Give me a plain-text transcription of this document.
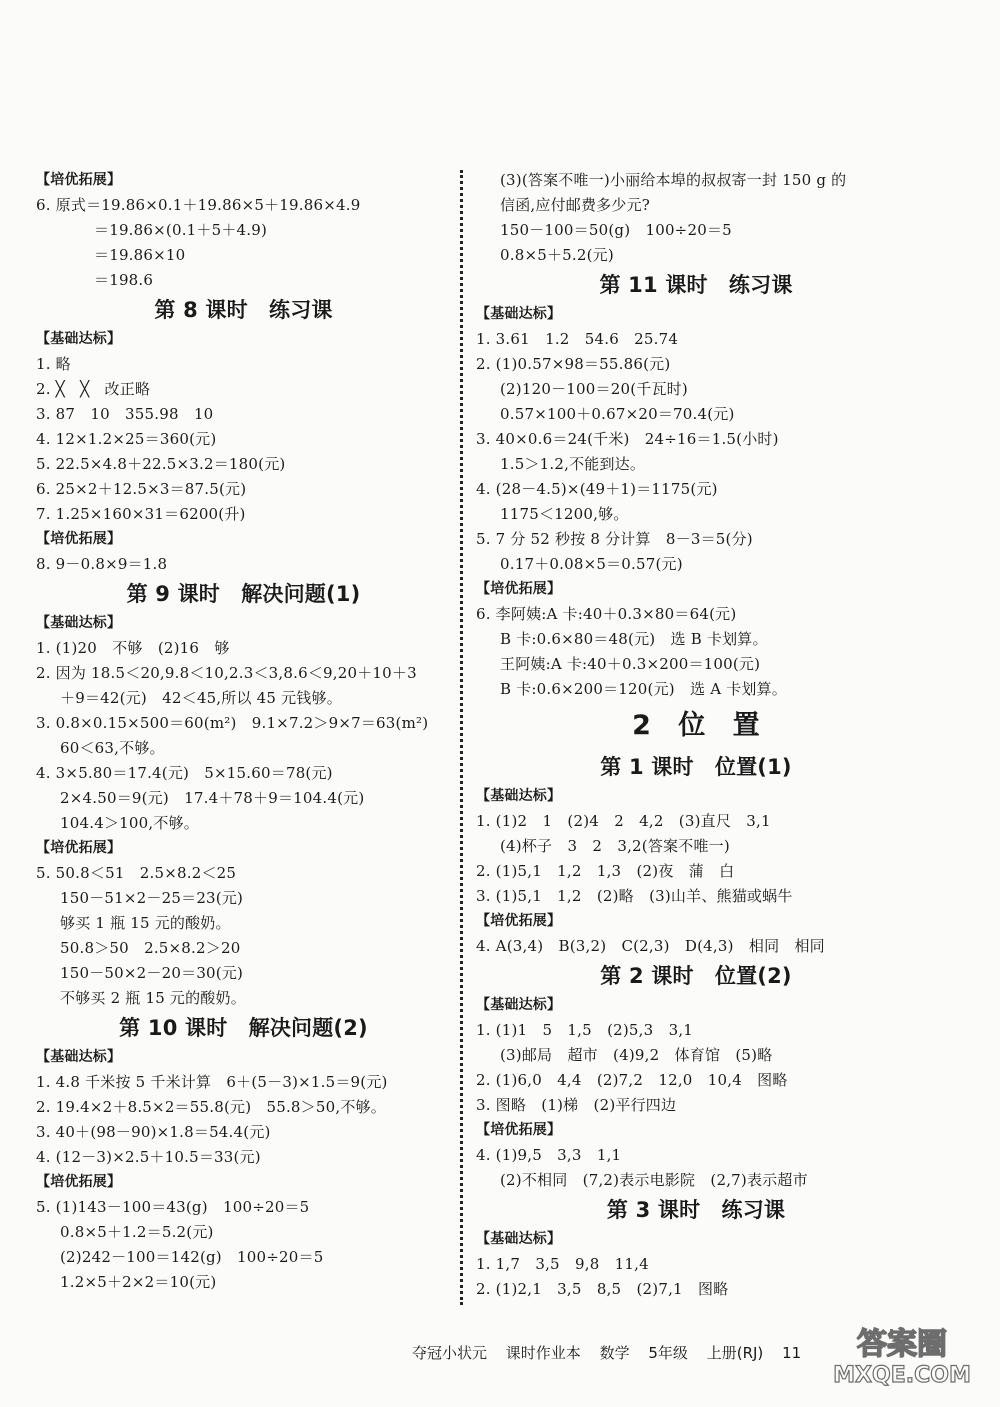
【培优拓展】
6. 原式＝19.86×0.1＋19.86×5＋19.86×4.9
＝19.86×(0.1＋5＋4.9)
＝19.86×10
＝198.6
第 8 课时　练习课
【基础达标】
1. 略
2. ╳　╳　改正略
3. 87　10　355.98　10
4. 12×1.2×25＝360(元)
5. 22.5×4.8＋22.5×3.2＝180(元)
6. 25×2＋12.5×3＝87.5(元)
7. 1.25×160×31＝6200(升)
【培优拓展】
8. 9－0.8×9＝1.8
第 9 课时　解决问题(1)
【基础达标】
1. (1)20　不够　(2)16　够
2. 因为 18.5＜20,9.8＜10,2.3＜3,8.6＜9,20＋10＋3
＋9＝42(元)　42＜45,所以 45 元钱够。
3. 0.8×0.15×500＝60(m²)　9.1×7.2＞9×7＝63(m²)
60＜63,不够。
4. 3×5.80＝17.4(元)　5×15.60＝78(元)
2×4.50＝9(元)　17.4＋78＋9＝104.4(元)
104.4＞100,不够。
【培优拓展】
5. 50.8＜51　2.5×8.2＜25
150－51×2－25＝23(元)
够买 1 瓶 15 元的酸奶。
50.8＞50　2.5×8.2＞20
150－50×2－20＝30(元)
不够买 2 瓶 15 元的酸奶。
第 10 课时　解决问题(2)
【基础达标】
1. 4.8 千米按 5 千米计算　6＋(5－3)×1.5＝9(元)
2. 19.4×2＋8.5×2＝55.8(元)　55.8＞50,不够。
3. 40＋(98－90)×1.8＝54.4(元)
4. (12－3)×2.5＋10.5＝33(元)
【培优拓展】
5. (1)143－100＝43(g)　100÷20＝5
0.8×5＋1.2＝5.2(元)
(2)242－100＝142(g)　100÷20＝5
1.2×5＋2×2＝10(元)
(3)(答案不唯一)小丽给本埠的叔叔寄一封 150 g 的
信函,应付邮费多少元?
150－100＝50(g)　100÷20＝5
0.8×5＋5.2(元)
第 11 课时　练习课
【基础达标】
1. 3.61　1.2　54.6　25.74
2. (1)0.57×98＝55.86(元)
(2)120－100＝20(千瓦时)
0.57×100＋0.67×20＝70.4(元)
3. 40×0.6＝24(千米)　24÷16＝1.5(小时)
1.5＞1.2,不能到达。
4. (28－4.5)×(49＋1)＝1175(元)
1175＜1200,够。
5. 7 分 52 秒按 8 分计算　8－3＝5(分)
0.17＋0.08×5＝0.57(元)
【培优拓展】
6. 李阿姨:A 卡:40＋0.3×80＝64(元)
B 卡:0.6×80＝48(元)　选 B 卡划算。
王阿姨:A 卡:40＋0.3×200＝100(元)
B 卡:0.6×200＝120(元)　选 A 卡划算。
2　位　置
第 1 课时　位置(1)
【基础达标】
1. (1)2　1　(2)4　2　4,2　(3)直尺　3,1
(4)杯子　3　2　3,2(答案不唯一)
2. (1)5,1　1,2　1,3　(2)夜　蒲　白
3. (1)5,1　1,2　(2)略　(3)山羊、熊猫或蜗牛
【培优拓展】
4. A(3,4)　B(3,2)　C(2,3)　D(4,3)　相同　相同
第 2 课时　位置(2)
【基础达标】
1. (1)1　5　1,5　(2)5,3　3,1
(3)邮局　超市　(4)9,2　体育馆　(5)略
2. (1)6,0　4,4　(2)7,2　12,0　10,4　图略
3. 图略　(1)梯　(2)平行四边
【培优拓展】
4. (1)9,5　3,3　1,1
(2)不相同　(7,2)表示电影院　(2,7)表示超市
第 3 课时　练习课
【基础达标】
1. 1,7　3,5　9,8　11,4
2. (1)2,1　3,5　8,5　(2)7,1　图略
夺冠小状元 课时作业本 数学 5年级 上册(RJ) 11	答案圈
MXQE.COM
